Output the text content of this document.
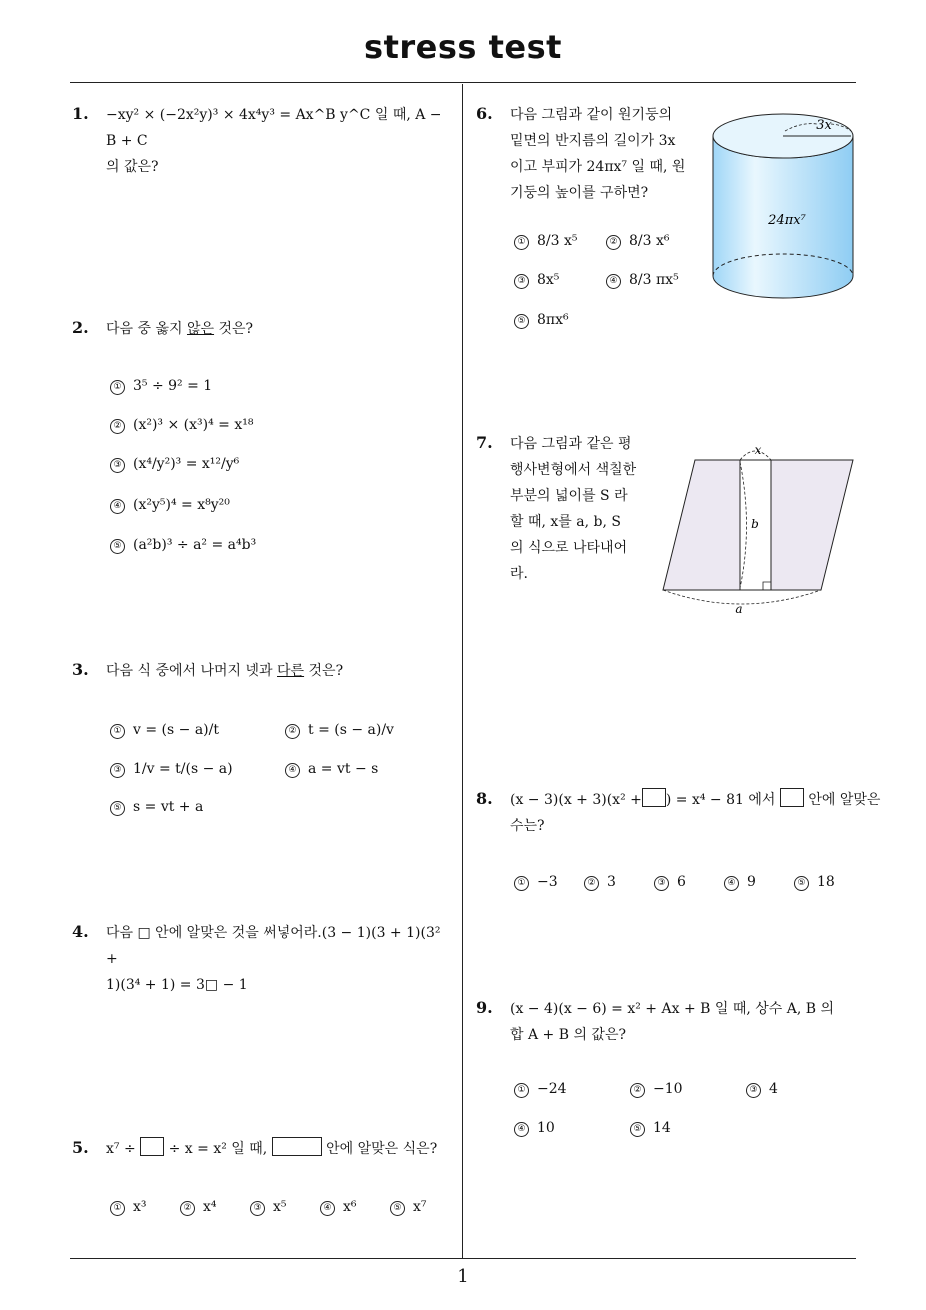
stress test
1
1. −xy² × (−2x²y)³ × 4x⁴y³ = Ax^B y^C 일 때, A − B + C
의 값은?
2. 다음 중 옳지 않은 것은?
① 3⁵ ÷ 9² = 1
② (x²)³ × (x³)⁴ = x¹⁸
③ (x⁴/y²)³ = x¹²/y⁶
④ (x²y⁵)⁴ = x⁸y²⁰
⑤ (a²b)³ ÷ a² = a⁴b³
3. 다음 식 중에서 나머지 넷과 다른 것은?
① v = (s − a)/t	② t = (s − a)/v
③ 1/v = t/(s − a)	④ a = vt − s
⑤ s = vt + a
4. 다음 □ 안에 알맞은 것을 써넣어라.(3 − 1)(3 + 1)(3² +
1)(3⁴ + 1) = 3□ − 1
5. x⁷ ÷ ÷ x = x² 일 때,	안에 알맞은 식은?
① x³	② x⁴	③ x⁵	④ x⁶	⑤ x⁷
6. 다음 그림과 같이 원기둥의
밑면의 반지름의 길이가 3x
이고 부피가 24πx⁷ 일 때, 원
기둥의 높이를 구하면?
① 8/3 x⁵	② 8/3 x⁶
③ 8x⁵	④ 8/3 πx⁵
⑤ 8πx⁶
3x
24πx⁷
7. 다음 그림과 같은 평
행사변형에서 색칠한
부분의 넓이를 S 라
할 때, x를 a, b, S
의 식으로 나타내어
라.
x
b
a
8. (x − 3)(x + 3)(x² + ) = x⁴ − 81 에서 안에 알맞은
수는?
① −3	② 3	③ 6	④ 9	⑤ 18
9. (x − 4)(x − 6) = x² + Ax + B 일 때, 상수 A, B 의
합 A + B 의 값은?
① −24	② −10	③ 4
④ 10	⑤ 14
